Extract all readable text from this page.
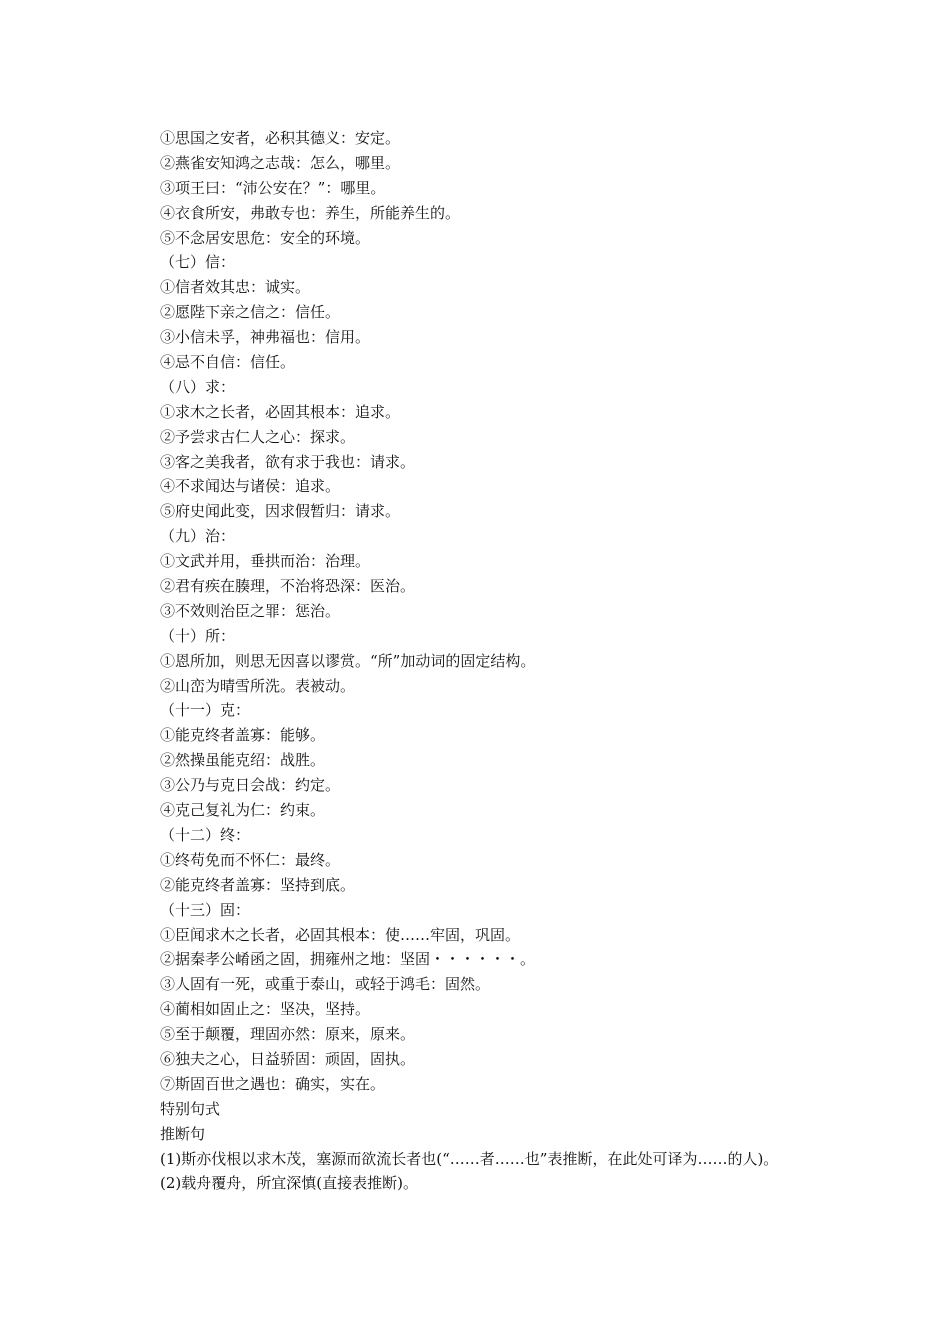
①思国之安者，必积其德义：安定。
②燕雀安知鸿之志哉：怎么，哪里。
③项王曰：“沛公安在？”：哪里。
④衣食所安，弗敢专也：养生，所能养生的。
⑤不念居安思危：安全的环境。
（七）信：
①信者效其忠：诚实。
②愿陛下亲之信之：信任。
③小信未孚，神弗福也：信用。
④忌不自信：信任。
（八）求：
①求木之长者，必固其根本：追求。
②予尝求古仁人之心：探求。
③客之美我者，欲有求于我也：请求。
④不求闻达与诸侯：追求。
⑤府史闻此变，因求假暂归：请求。
（九）治：
①文武并用，垂拱而治：治理。
②君有疾在腠理，不治将恐深：医治。
③不效则治臣之罪：惩治。
（十）所：
①恩所加，则思无因喜以谬赏。“所”加动词的固定结构。
②山峦为晴雪所洗。表被动。
（十一）克：
①能克终者盖寡：能够。
②然操虽能克绍：战胜。
③公乃与克日会战：约定。
④克己复礼为仁：约束。
（十二）终：
①终苟免而不怀仁：最终。
②能克终者盖寡：坚持到底。
（十三）固：
①臣闻求木之长者，必固其根本：使……牢固，巩固。
②据秦孝公崤函之固，拥雍州之地：坚固・・・・・・。
③人固有一死，或重于泰山，或轻于鸿毛：固然。
④蔺相如固止之：坚决，坚持。
⑤至于颠覆，理固亦然：原来，原来。
⑥独夫之心，日益骄固：顽固，固执。
⑦斯固百世之遇也：确实，实在。
特别句式
推断句
(1)斯亦伐根以求木茂，塞源而欲流长者也(“……者……也”表推断，在此处可译为……的人)。
(2)载舟覆舟，所宜深慎(直接表推断)。
